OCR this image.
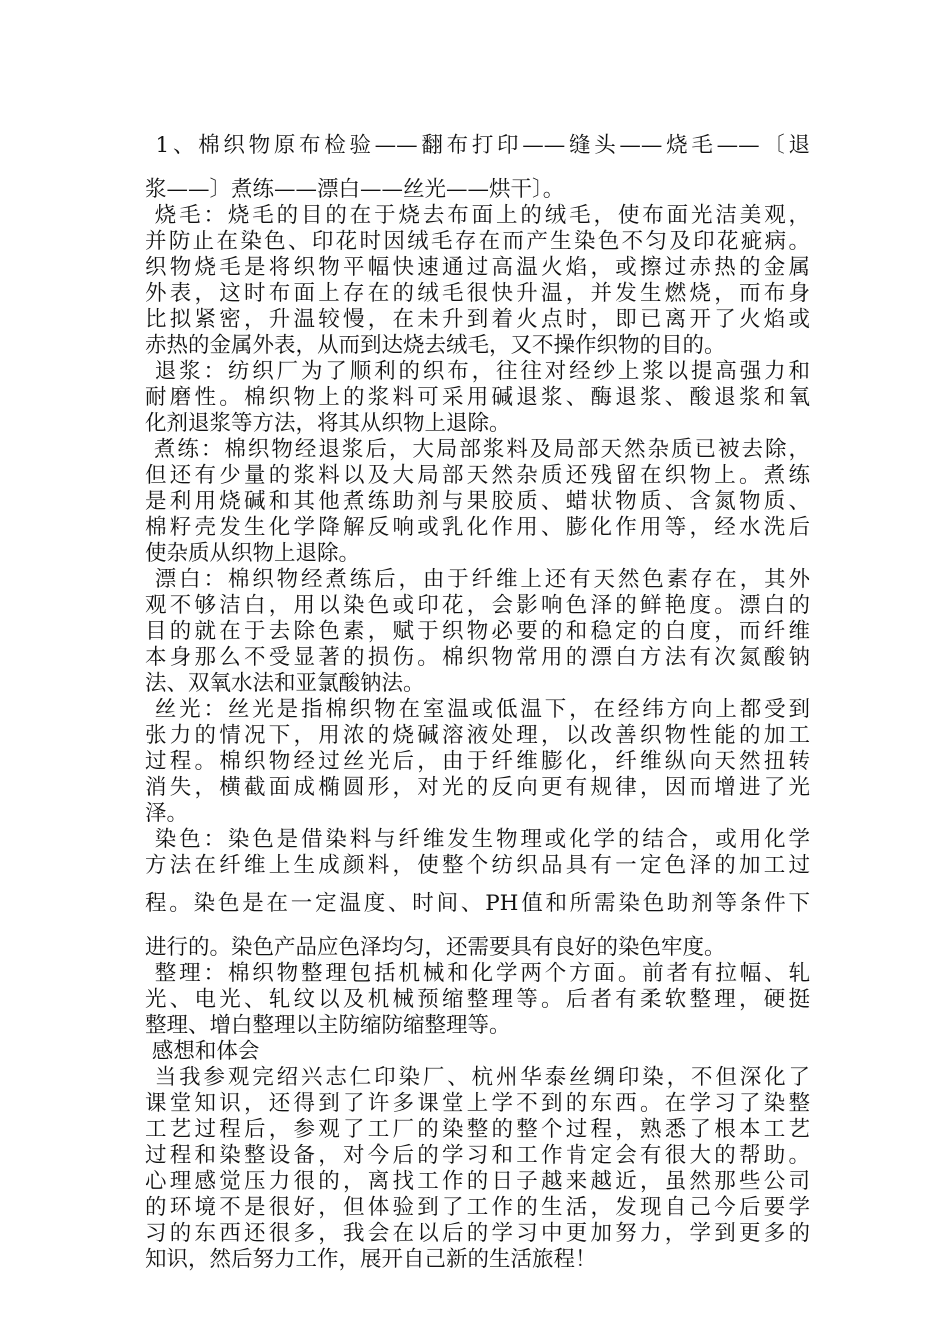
1、棉织物原布检验——翻布打印——缝头——烧毛——〔退
浆——〕煮练——漂白——丝光——烘干〕。
烧毛：烧毛的目的在于烧去布面上的绒毛，使布面光洁美观，
并防止在染色、印花时因绒毛存在而产生染色不匀及印花疵病。
织物烧毛是将织物平幅快速通过高温火焰，或擦过赤热的金属
外表，这时布面上存在的绒毛很快升温，并发生燃烧，而布身
比拟紧密，升温较慢，在未升到着火点时，即已离开了火焰或
赤热的金属外表，从而到达烧去绒毛，又不操作织物的目的。
退浆：纺织厂为了顺利的织布，往往对经纱上浆以提高强力和
耐磨性。棉织物上的浆料可采用碱退浆、酶退浆、酸退浆和氧
化剂退浆等方法，将其从织物上退除。
煮练：棉织物经退浆后，大局部浆料及局部天然杂质已被去除，
但还有少量的浆料以及大局部天然杂质还残留在织物上。煮练
是利用烧碱和其他煮练助剂与果胶质、蜡状物质、含氮物质、
棉籽壳发生化学降解反响或乳化作用、膨化作用等，经水洗后
使杂质从织物上退除。
漂白：棉织物经煮练后，由于纤维上还有天然色素存在，其外
观不够洁白，用以染色或印花，会影响色泽的鲜艳度。漂白的
目的就在于去除色素，赋于织物必要的和稳定的白度，而纤维
本身那么不受显著的损伤。棉织物常用的漂白方法有次氮酸钠
法、双氧水法和亚氯酸钠法。
丝光：丝光是指棉织物在室温或低温下，在经纬方向上都受到
张力的情况下，用浓的烧碱溶液处理，以改善织物性能的加工
过程。棉织物经过丝光后，由于纤维膨化，纤维纵向天然扭转
消失，横截面成椭圆形，对光的反向更有规律，因而增进了光
泽。
染色：染色是借染料与纤维发生物理或化学的结合，或用化学
方法在纤维上生成颜料，使整个纺织品具有一定色泽的加工过
程。染色是在一定温度、时间、PH值和所需染色助剂等条件下
进行的。染色产品应色泽均匀，还需要具有良好的染色牢度。
整理：棉织物整理包括机械和化学两个方面。前者有拉幅、轧
光、电光、轧纹以及机械预缩整理等。后者有柔软整理，硬挺
整理、增白整理以主防缩防缩整理等。
感想和体会
当我参观完绍兴志仁印染厂、杭州华泰丝绸印染，不但深化了
课堂知识，还得到了许多课堂上学不到的东西。在学习了染整
工艺过程后，参观了工厂的染整的整个过程，熟悉了根本工艺
过程和染整设备，对今后的学习和工作肯定会有很大的帮助。
心理感觉压力很的，离找工作的日子越来越近，虽然那些公司
的环境不是很好，但体验到了工作的生活，发现自己今后要学
习的东西还很多，我会在以后的学习中更加努力，学到更多的
知识，然后努力工作，展开自己新的生活旅程！
